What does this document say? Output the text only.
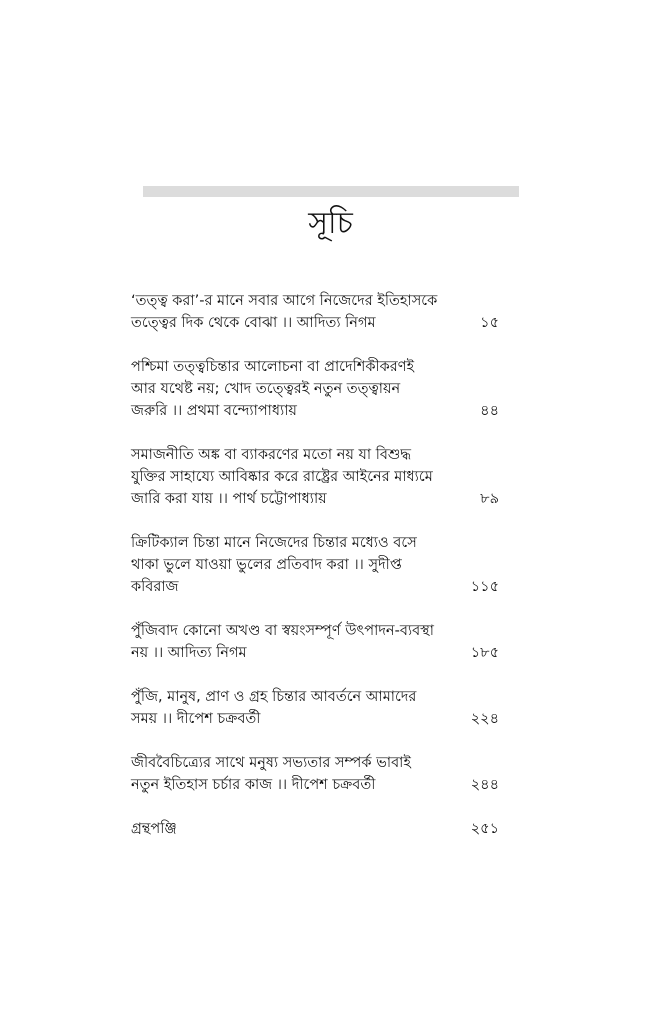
সূচি
‘তত্ত্ব করা’-র মানে সবার আগে নিজেদের ইতিহাসকে তত্ত্বের দিক থেকে বোঝা ।। আদিত্য নিগম	১৫
পশ্চিমা তত্ত্বচিন্তার আলোচনা বা প্রাদেশিকীকরণই আর যথেষ্ট নয়; খোদ তত্ত্বেরই নতুন তত্ত্বায়ন জরুরি ।। প্রথমা বন্দ্যোপাধ্যায়	৪৪
সমাজনীতি অঙ্ক বা ব্যাকরণের মতো নয় যা বিশুদ্ধ যুক্তির সাহায্যে আবিষ্কার করে রাষ্ট্রের আইনের মাধ্যমে জারি করা যায় ।। পার্থ চট্টোপাধ্যায়	৮৯
ক্রিটিক্যাল চিন্তা মানে নিজেদের চিন্তার মধ্যেও বসে থাকা ভুলে যাওয়া ভুলের প্রতিবাদ করা ।। সুদীপ্ত কবিরাজ	১১৫
পুঁজিবাদ কোনো অখণ্ড বা স্বয়ংসম্পূর্ণ উৎপাদন-ব্যবস্থা নয় ।। আদিত্য নিগম	১৮৫
পুঁজি, মানুষ, প্রাণ ও গ্রহ চিন্তার আবর্তনে আমাদের সময় ।। দীপেশ চক্রবর্তী	২২৪
জীববৈচিত্র্যের সাথে মনুষ্য সভ্যতার সম্পর্ক ভাবাই নতুন ইতিহাস চর্চার কাজ ।। দীপেশ চক্রবর্তী	২৪৪
গ্রন্থপঞ্জি	২৫১
